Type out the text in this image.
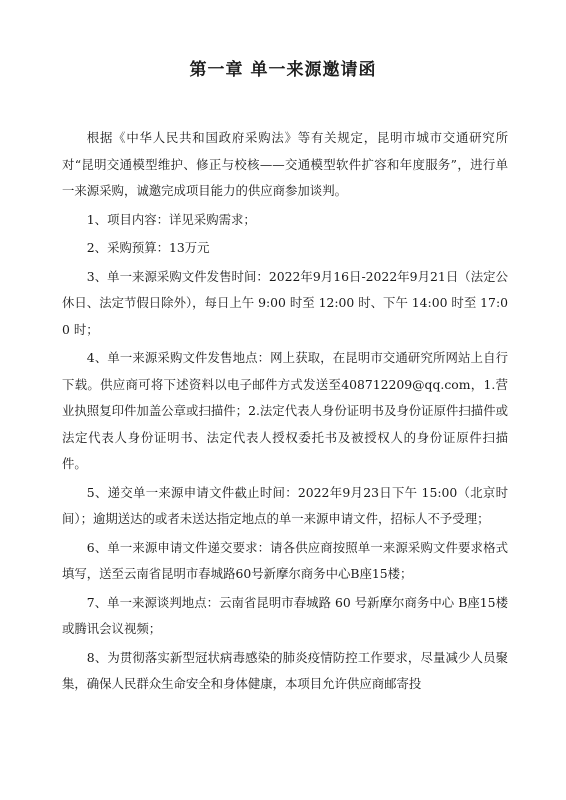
第一章 单一来源邀请函

根据《中华人民共和国政府采购法》等有关规定，昆明市城市交通研究所对“昆明交通模型维护、修正与校核——交通模型软件扩容和年度服务”，进行单一来源采购，诚邀完成项目能力的供应商参加谈判。

1、项目内容：详见采购需求；

2、采购预算：13万元

3、单一来源采购文件发售时间：2022年9月16日-2022年9月21日（法定公休日、法定节假日除外），每日上午 9:00 时至 12:00 时、下午 14:00 时至 17:00 时；

4、单一来源采购文件发售地点：网上获取，在昆明市交通研究所网站上自行下载。供应商可将下述资料以电子邮件方式发送至408712209@qq.com，1.营业执照复印件加盖公章或扫描件；2.法定代表人身份证明书及身份证原件扫描件或法定代表人身份证明书、法定代表人授权委托书及被授权人的身份证原件扫描件。

5、递交单一来源申请文件截止时间：2022年9月23日下午 15:00（北京时间）；逾期送达的或者未送达指定地点的单一来源申请文件，招标人不予受理；

6、单一来源申请文件递交要求：请各供应商按照单一来源采购文件要求格式填写，送至云南省昆明市春城路60号新摩尔商务中心B座15楼；

7、单一来源谈判地点：云南省昆明市春城路 60 号新摩尔商务中心 B座15楼或腾讯会议视频；

8、为贯彻落实新型冠状病毒感染的肺炎疫情防控工作要求，尽量减少人员聚集，确保人民群众生命安全和身体健康，本项目允许供应商邮寄投
